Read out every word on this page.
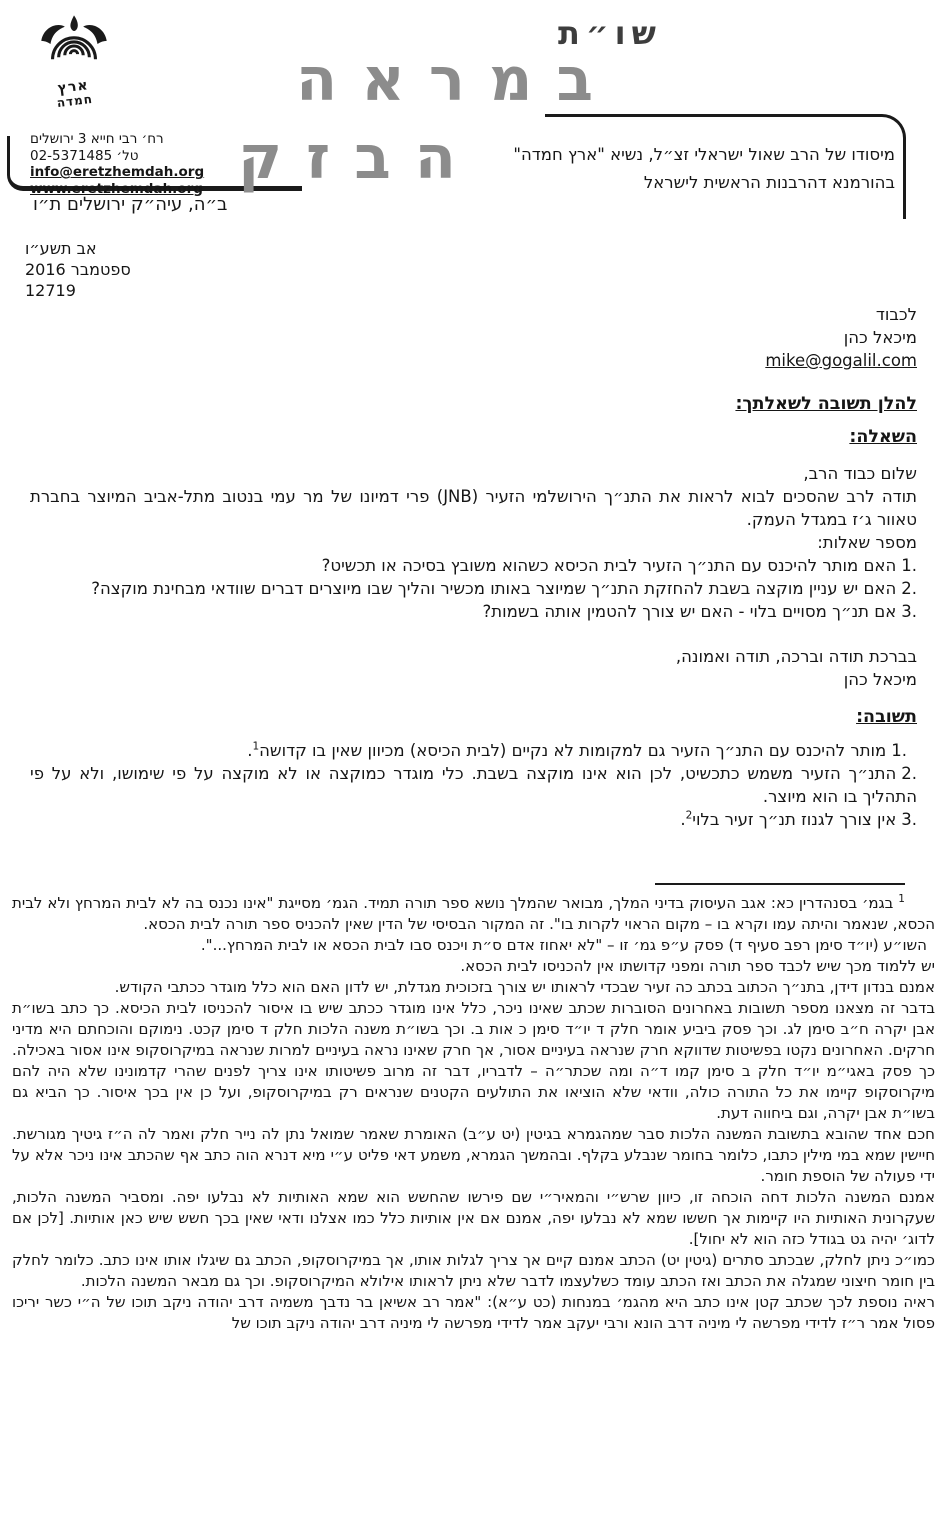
ארץ
חמדה
רח׳ רבי חייא 3 ירושלים
טל׳ 02-5371485
info@eretzhemdah.org
www.eretzhemdah.org
ב״ה, עיה״ק ירושלים ת״ו
שו״ת
במראה
הבזק מיסודו של הרב שאול ישראלי זצ״ל, נשיא "ארץ חמדה"
בהורמנא דהרבנות הראשית לישראל
אב תשע״ו
ספטמבר 2016
12719
לכבוד
מיכאל כהן
mike@gogalil.com
להלן תשובה לשאלתך:
השאלה:
שלום כבוד הרב,
תודה לרב שהסכים לבוא לראות את התנ״ך הירושלמי הזעיר (JNB) פרי דמיונו של מר עמי בנטוב מתל-אביב המיוצר בחברת טאוור ג׳ז במגדל העמק.
מספר שאלות:
1.האם מותר להיכנס עם התנ״ך הזעיר לבית הכיסא כשהוא משובץ בסיכה או תכשיט?
2.האם יש עניין מוקצה בשבת להחזקת התנ״ך שמיוצר באותו מכשיר והליך שבו מיוצרים דברים שוודאי מבחינת מוקצה?
3.אם תנ״ך מסויים בלוי - האם יש צורך להטמין אותה בשמות?
בברכת תודה וברכה, תודה ואמונה,
מיכאל כהן
תשובה:
1.מותר להיכנס עם התנ״ך הזעיר גם למקומות לא נקיים (לבית הכיסא) מכיוון שאין בו קדושה$^1$.
2.התנ״ך הזעיר משמש כתכשיט, לכן הוא אינו מוקצה בשבת. כלי מוגדר כמוקצה או לא מוקצה על פי שימושו, ולא על פי התהליך בו הוא מיוצר.
3.אין צורך לגנוז תנ״ך זעיר בלוי$^2$.

$^1$ בגמ׳ בסנהדרין כא: אגב העיסוק בדיני המלך, מבואר שהמלך נושא ספר תורה תמיד. הגמ׳ מסייגת "אינו נכנס בה לא לבית המרחץ ולא לבית הכסא, שנאמר והיתה עמו וקרא בו – מקום הראוי לקרות בו". זה המקור הבסיסי של הדין שאין להכניס ספר תורה לבית הכסא.

השו״ע (יו״ד סימן רפב סעיף ד) פסק ע״פ גמ׳ זו – "לא יאחוז אדם ס״ת ויכנס סבו לבית הכסא או לבית המרחץ...".

יש ללמוד מכך שיש לכבד ספר תורה ומפני קדושתו אין להכניסו לבית הכסא.

אמנם בנדון דידן, בתנ״ך הכתוב בכתב כה זעיר שבכדי לראותו יש צורך בזכוכית מגדלת, יש לדון האם הוא כלל מוגדר ככתבי הקודש.

בדבר זה מצאנו מספר תשובות באחרונים הסוברות שכתב שאינו ניכר, כלל אינו מוגדר ככתב שיש בו איסור להכניסו לבית הכיסא. כך כתב בשו״ת אבן יקרה ח״ב סימן לג. וכך פסק ביביע אומר חלק ד יו״ד סימן כ אות ב. וכך בשו״ת משנה הלכות חלק ד סימן קכט. נימוקם והוכחתם היא מדיני חרקים. האחרונים נקטו בפשיטות שדווקא חרק שנראה בעיניים אסור, אך חרק שאינו נראה בעיניים למרות שנראה במיקרוסקופ אינו אסור באכילה. כך פסק באגי״מ יו״ד חלק ב סימן קמו ד״ה ומה שכתר״ה – לדבריו, דבר זה מרוב פשיטותו אינו צריך לפנים שהרי קדמונינו שלא היה להם מיקרוסקופ קיימו את כל התורה כולה, וודאי שלא הוציאו את התולעים הקטנים שנראים רק במיקרוסקופ, ועל כן אין בכך איסור. כך הביא גם בשו״ת אבן יקרה, וגם ביחווה דעת.

חכם אחד שהובא בתשובת המשנה הלכות סבר שמהגמרא בגיטין (יט ע״ב) האומרת שאמר שמואל נתן לה נייר חלק ואמר לה ה״ז גיטיך מגורשת. חיישין שמא במי מילין כתבו, כלומר בחומר שנבלע בקלף. ובהמשך הגמרא, משמע דאי פליט ע״י מיא דנרא הוה כתב אף שהכתב אינו ניכר אלא על ידי פעולה של הוספת חומר.

אמנם המשנה הלכות דחה הוכחה זו, כיוון שרש״י והמאיר״י שם פירשו שהחשש הוא שמא האותיות לא נבלעו יפה. ומסביר המשנה הלכות, שעקרונית האותיות היו קיימות אך חששו שמא לא נבלעו יפה, אמנם אם אין אותיות כלל כמו אצלנו ודאי שאין בכך חשש שיש כאן אותיות. [לכן אם לדוג׳ יהיה גט בגודל כזה הוא לא יחול].

כמו״כ ניתן לחלק, שבכתב סתרים (גיטין יט) הכתב אמנם קיים אך צריך לגלות אותו, אך במיקרוסקופ, הכתב גם שיגלו אותו אינו כתב. כלומר לחלק בין חומר חיצוני שמגלה את הכתב ואז הכתב עומד כשלעצמו לדבר שלא ניתן לראותו אילולא המיקרוסקופ. וכך גם מבאר המשנה הלכות.

ראיה נוספת לכך שכתב קטן אינו כתב היא מהגמ׳ במנחות (כט ע״א): "אמר רב אשיאן בר נדבך משמיה דרב יהודה ניקב תוכו של ה״י כשר יריכו פסול אמר ר״ז לדידי מפרשה לי מיניה דרב הונא ורבי יעקב אמר לדידי מפרשה לי מיניה דרב יהודה ניקב תוכו של
